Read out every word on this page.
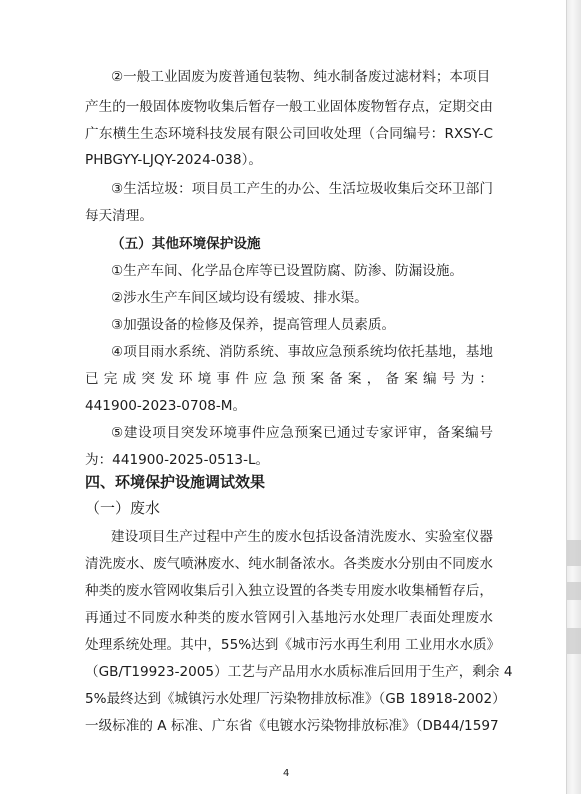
②一般工业固废为废普通包装物、纯水制备废过滤材料；本项目
产生的一般固体废物收集后暂存一般工业固体废物暂存点，定期交由
广东横生生态环境科技发展有限公司回收处理（合同编号：RXSY-C
PHBGYY-LJQY-2024-038）。
③生活垃圾：项目员工产生的办公、生活垃圾收集后交环卫部门
每天清理。
（五）其他环境保护设施
①生产车间、化学品仓库等已设置防腐、防渗、防漏设施。
②涉水生产车间区域均设有缓坡、排水渠。
③加强设备的检修及保养，提高管理人员素质。
④项目雨水系统、消防系统、事故应急预系统均依托基地，基地
已完成突发环境事件应急预案备案，备案编号为：
441900-2023-0708-M。
⑤建设项目突发环境事件应急预案已通过专家评审，备案编号
为：441900-2025-0513-L。
四、环境保护设施调试效果
（一）废水
建设项目生产过程中产生的废水包括设备清洗废水、实验室仪器
清洗废水、废气喷淋废水、纯水制备浓水。各类废水分别由不同废水
种类的废水管网收集后引入独立设置的各类专用废水收集桶暂存后，
再通过不同废水种类的废水管网引入基地污水处理厂表面处理废水
处理系统处理。其中，55%达到《城市污水再生利用 工业用水水质》
（GB/T19923-2005）工艺与产品用水水质标准后回用于生产，剩余 4
5%最终达到《城镇污水处理厂污染物排放标准》（GB 18918-2002）
一级标准的 A 标准、广东省《电镀水污染物排放标准》（DB44/1597
4
